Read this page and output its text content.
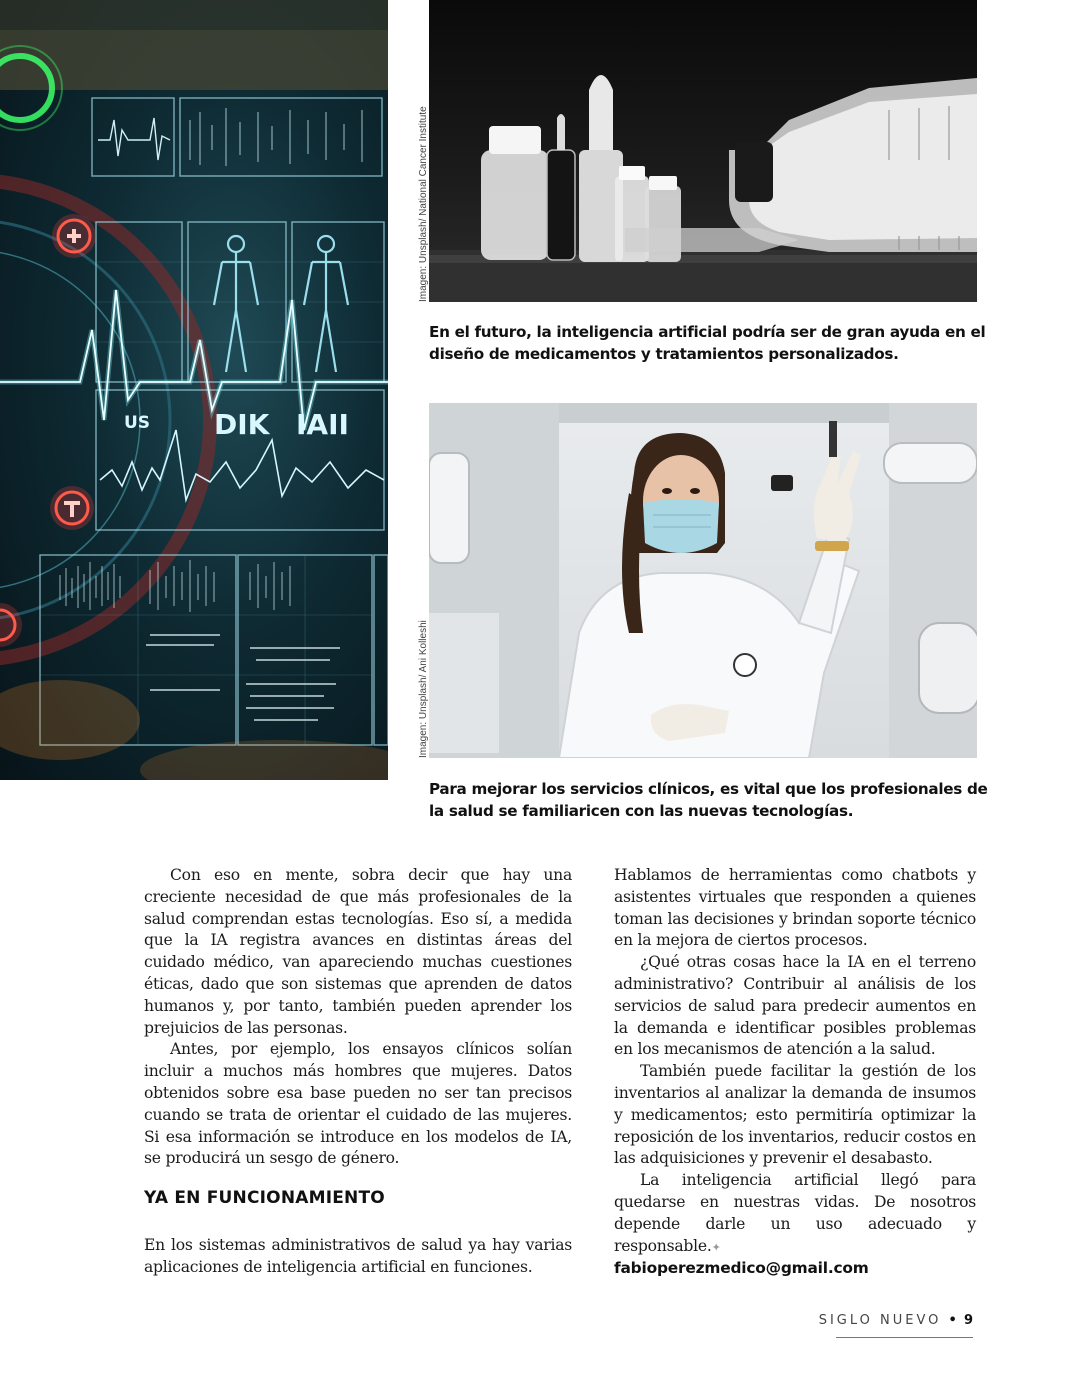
US DIK IAII
Imagen: Unsplash/ National Cancer Institute
En el futuro, la inteligencia artificial podría ser de gran ayuda en el diseño de medicamentos y tratamientos personalizados.
Imagen: Unsplash/ Ani Kolleshi
Para mejorar los servicios clínicos, es vital que los profesionales de la salud se familiaricen con las nuevas tecnologías.

Con eso en mente, sobra decir que hay una creciente necesidad de que más profesionales de la salud comprendan estas tecnologías. Eso sí, a medida que la IA registra avances en distintas áreas del cuidado médico, van apareciendo muchas cuestiones éticas, dado que son sistemas que aprenden de datos humanos y, por tanto, también pueden aprender los prejuicios de las personas.

Antes, por ejemplo, los ensayos clínicos solían incluir a muchos más hombres que mujeres. Datos obtenidos sobre esa base pueden no ser tan precisos cuando se trata de orientar el cuidado de las mujeres. Si esa información se introduce en los modelos de IA, se producirá un sesgo de género.

YA EN FUNCIONAMIENTO

En los sistemas administrativos de salud ya hay varias aplicaciones de inteligencia artificial en funciones.

Hablamos de herramientas como chatbots y asistentes virtuales que responden a quienes toman las decisiones y brindan soporte técnico en la mejora de ciertos procesos.

¿Qué otras cosas hace la IA en el terreno administrativo? Contribuir al análisis de los servicios de salud para predecir aumentos en la demanda e identificar posibles problemas en los mecanismos de atención a la salud.

También puede facilitar la gestión de los inventarios al analizar la demanda de insumos y medicamentos; esto permitiría optimizar la reposición de los inventarios, reducir costos en las adquisiciones y prevenir el desabasto.

La inteligencia artificial llegó para quedarse en nuestras vidas. De nosotros depende darle un uso adecuado y responsable.✦

fabioperezmedico@gmail.com

SIGLO NUEVO • 9
